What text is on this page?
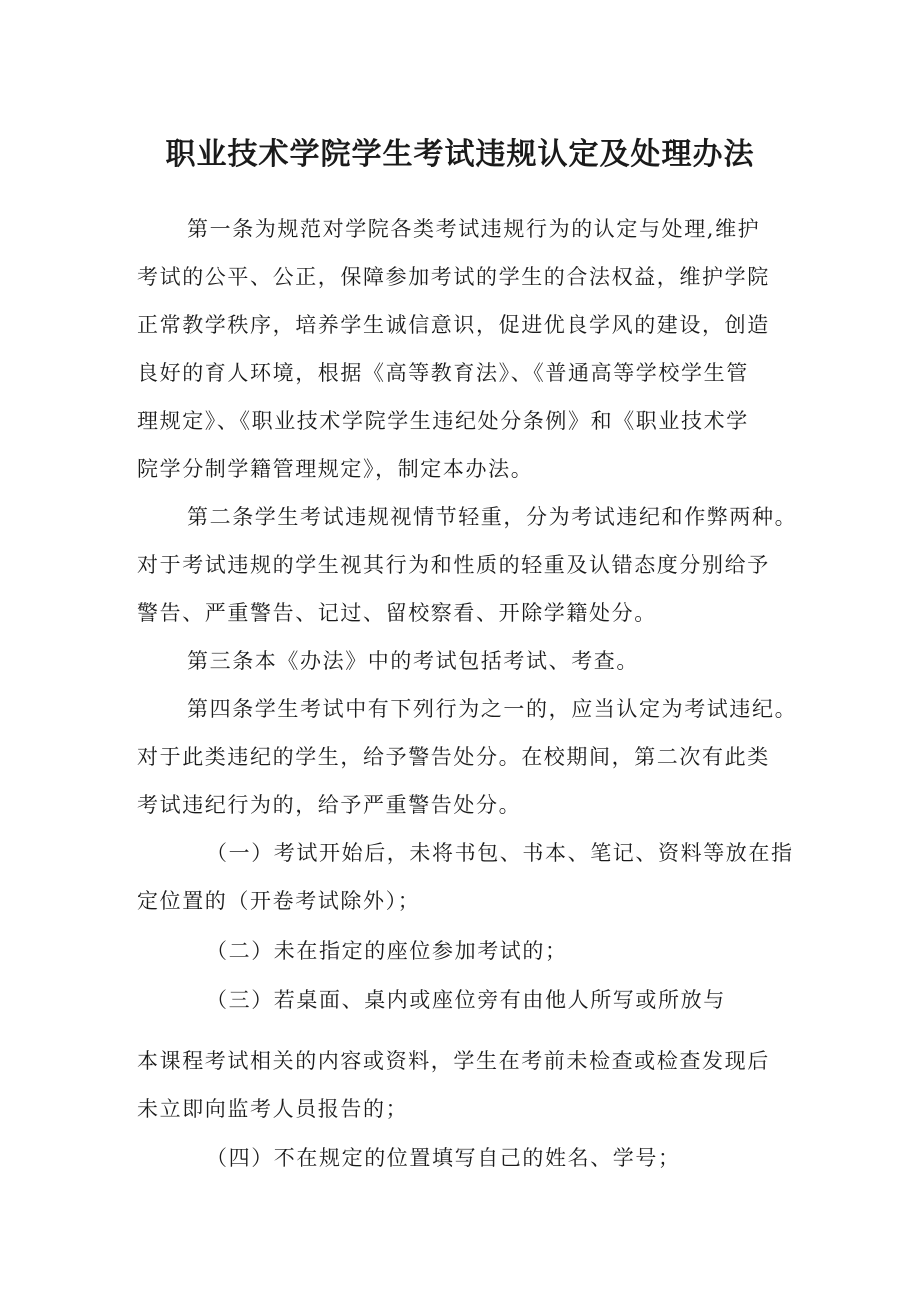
职业技术学院学生考试违规认定及处理办法

第一条为规范对学院各类考试违规行为的认定与处理,维护

考试的公平、公正，保障参加考试的学生的合法权益，维护学院

正常教学秩序，培养学生诚信意识，促进优良学风的建设，创造

良好的育人环境，根据《高等教育法》、《普通高等学校学生管

理规定》、《职业技术学院学生违纪处分条例》和《职业技术学

院学分制学籍管理规定》，制定本办法。

第二条学生考试违规视情节轻重，分为考试违纪和作弊两种。

对于考试违规的学生视其行为和性质的轻重及认错态度分别给予

警告、严重警告、记过、留校察看、开除学籍处分。

第三条本《办法》中的考试包括考试、考查。

第四条学生考试中有下列行为之一的，应当认定为考试违纪。

对于此类违纪的学生，给予警告处分。在校期间，第二次有此类

考试违纪行为的，给予严重警告处分。

（一）考试开始后，未将书包、书本、笔记、资料等放在指

定位置的（开卷考试除外）；

（二）未在指定的座位参加考试的；

（三）若桌面、桌内或座位旁有由他人所写或所放与

本课程考试相关的内容或资料，学生在考前未检查或检查发现后

未立即向监考人员报告的；

（四）不在规定的位置填写自己的姓名、学号；
